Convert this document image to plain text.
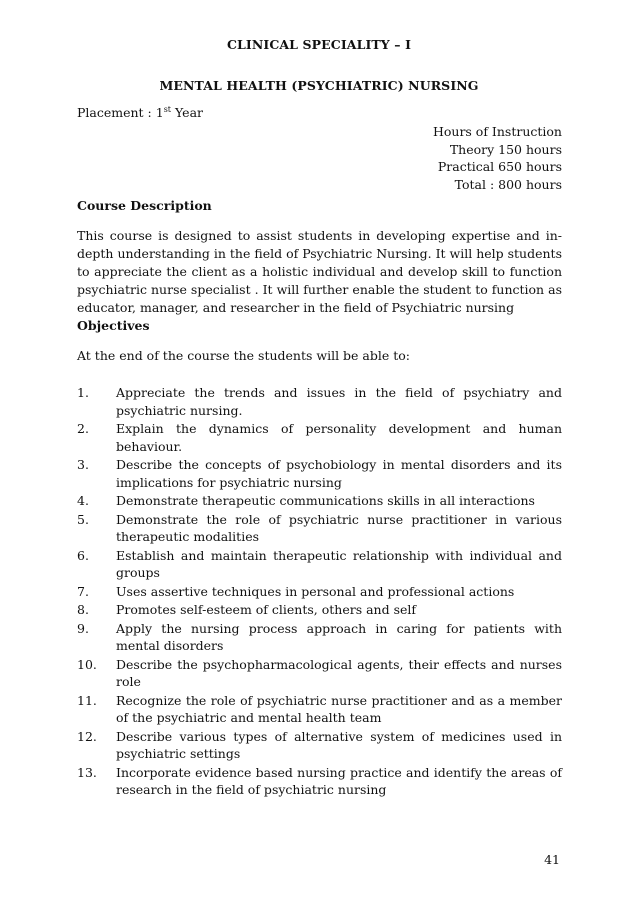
CLINICAL SPECIALITY – I
MENTAL HEALTH (PSYCHIATRIC) NURSING
Placement : 1st Year
Hours of Instruction
Theory 150 hours
Practical 650 hours
Total : 800 hours
Course Description

This course is designed to assist students in developing expertise and in-depth understanding in the field of Psychiatric Nursing. It will help students to appreciate the client as a holistic individual and develop skill to function psychiatric nurse specialist . It will further enable the student to function as educator, manager, and researcher in the field of Psychiatric nursing

Objectives
At the end of the course the students will be able to:
1.	Appreciate the trends and issues in the field of psychiatry and psychiatric nursing.
2.	Explain the dynamics of personality development and human behaviour.
3.	Describe the concepts of psychobiology in mental disorders and its implications for psychiatric nursing
4.	Demonstrate therapeutic communications skills in all interactions
5.	Demonstrate the role of psychiatric nurse practitioner in various therapeutic modalities
6.	Establish and maintain therapeutic relationship with individual and groups
7.	Uses assertive techniques in personal and professional actions
8.	Promotes self-esteem of clients, others and self
9.	Apply the nursing process approach in caring for patients with mental disorders
10.	Describe the psychopharmacological agents, their effects and nurses role
11.	Recognize the role of psychiatric nurse practitioner and as a member of the psychiatric and mental health team
12.	Describe various types of alternative system of medicines used in psychiatric settings
13.	Incorporate evidence based nursing practice and identify the areas of research in the field of psychiatric nursing
41
